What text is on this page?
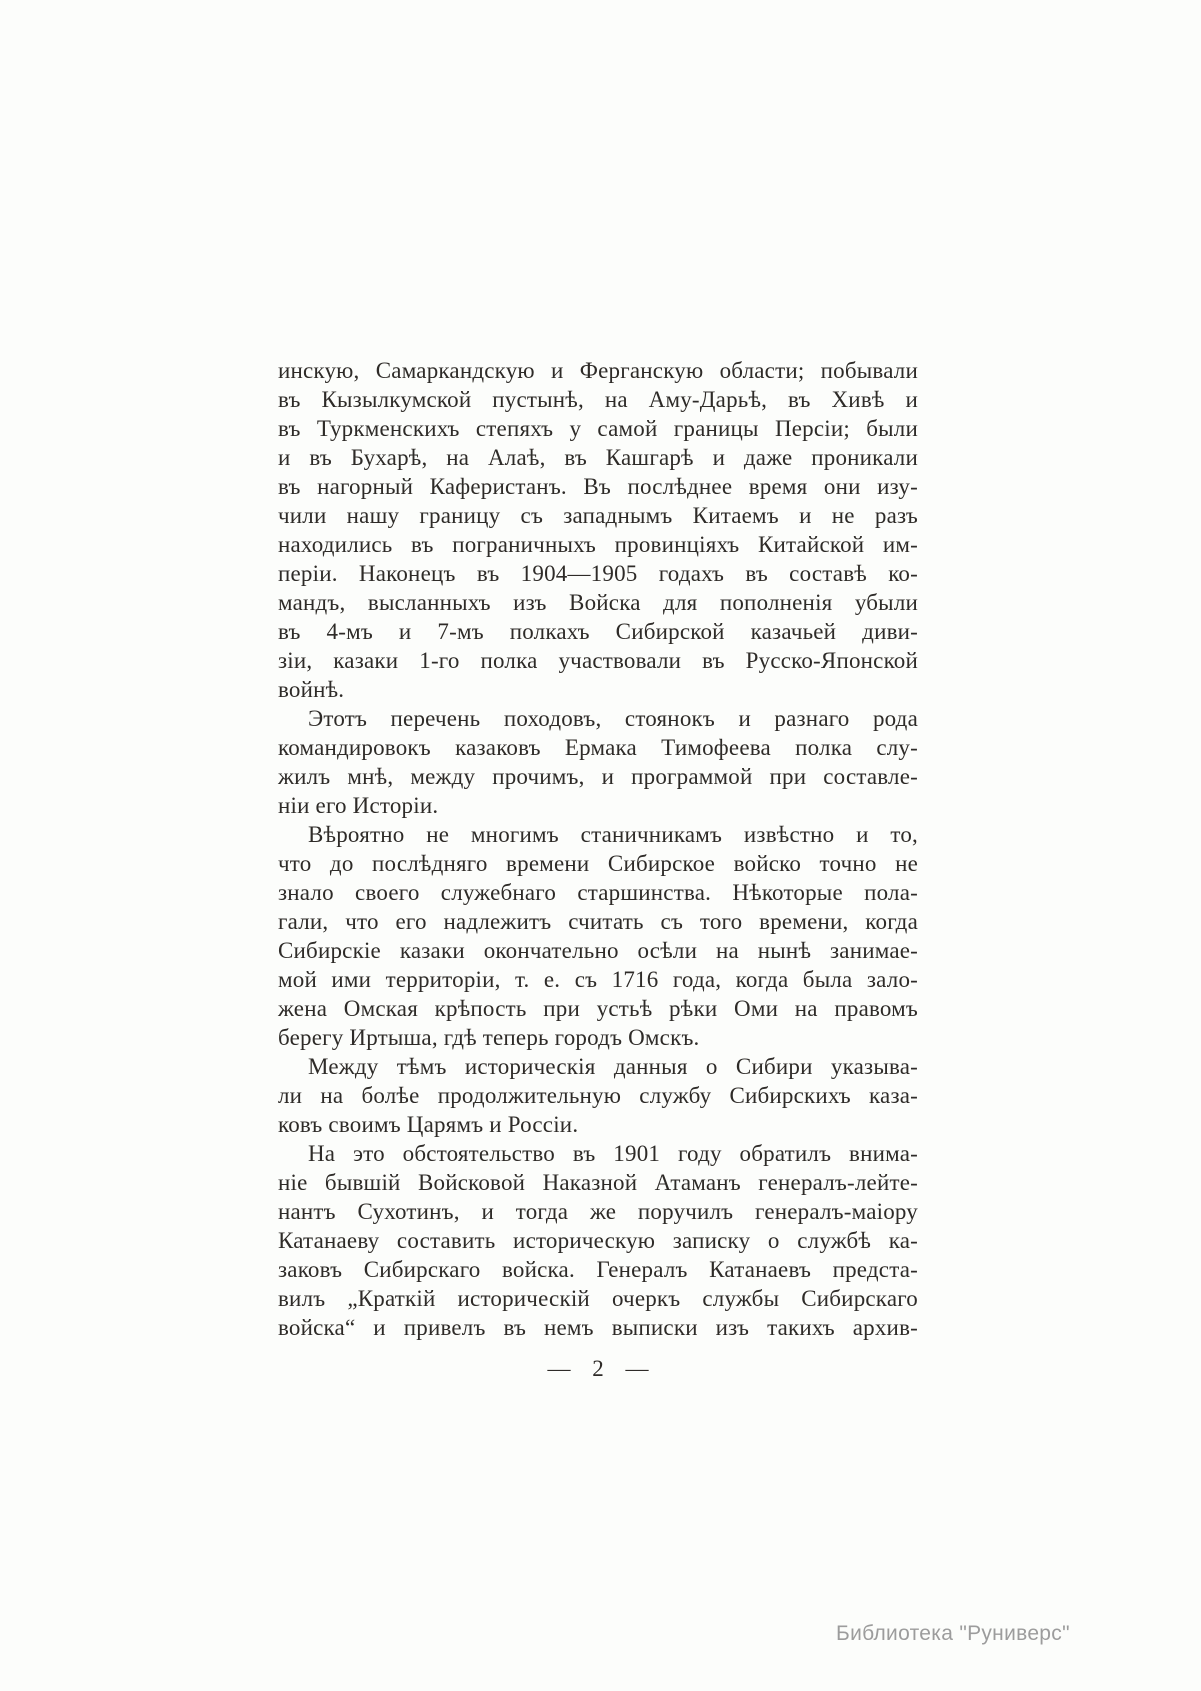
инскую, Самаркандскую и Ферганскую области; побывали
въ Кызылкумской пустынѣ, на Аму-Дарьѣ, въ Хивѣ и
въ Туркменскихъ степяхъ у самой границы Персіи; были
и въ Бухарѣ, на Алаѣ, въ Кашгарѣ и даже проникали
въ нагорный Каферистанъ. Въ послѣднее время они изу-
чили нашу границу съ западнымъ Китаемъ и не разъ
находились въ пограничныхъ провинціяхъ Китайской им-
періи. Наконецъ въ 1904—1905 годахъ въ составѣ ко-
мандъ, высланныхъ изъ Войска для пополненія убыли
въ 4-мъ и 7-мъ полкахъ Сибирской казачьей диви-
зіи, казаки 1-го полка участвовали въ Русско-Японской
войнѣ.
Этотъ перечень походовъ, стоянокъ и разнаго рода
командировокъ казаковъ Ермака Тимофеева полка слу-
жилъ мнѣ, между прочимъ, и программой при составле-
ніи его Исторіи.
Вѣроятно не многимъ станичникамъ извѣстно и то,
что до послѣдняго времени Сибирское войско точно не
знало своего служебнаго старшинства. Нѣкоторые пола-
гали, что его надлежитъ считать съ того времени, когда
Сибирскіе казаки окончательно осѣли на нынѣ занимае-
мой ими территоріи, т. е. съ 1716 года, когда была зало-
жена Омская крѣпость при устьѣ рѣки Оми на правомъ
берегу Иртыша, гдѣ теперь городъ Омскъ.
Между тѣмъ историческія данныя о Сибири указыва-
ли на болѣе продолжительную службу Сибирскихъ каза-
ковъ своимъ Царямъ и Россіи.
На это обстоятельство въ 1901 году обратилъ внима-
ніе бывшій Войсковой Наказной Атаманъ генералъ-лейте-
нантъ Сухотинъ, и тогда же поручилъ генералъ-маіору
Катанаеву составить историческую записку о службѣ ка-
заковъ Сибирскаго войска. Генералъ Катанаевъ предста-
вилъ „Краткій историческій очеркъ службы Сибирскаго
войска“ и привелъ въ немъ выписки изъ такихъ архив-
— 2 —
Библиотека "Руниверс"
